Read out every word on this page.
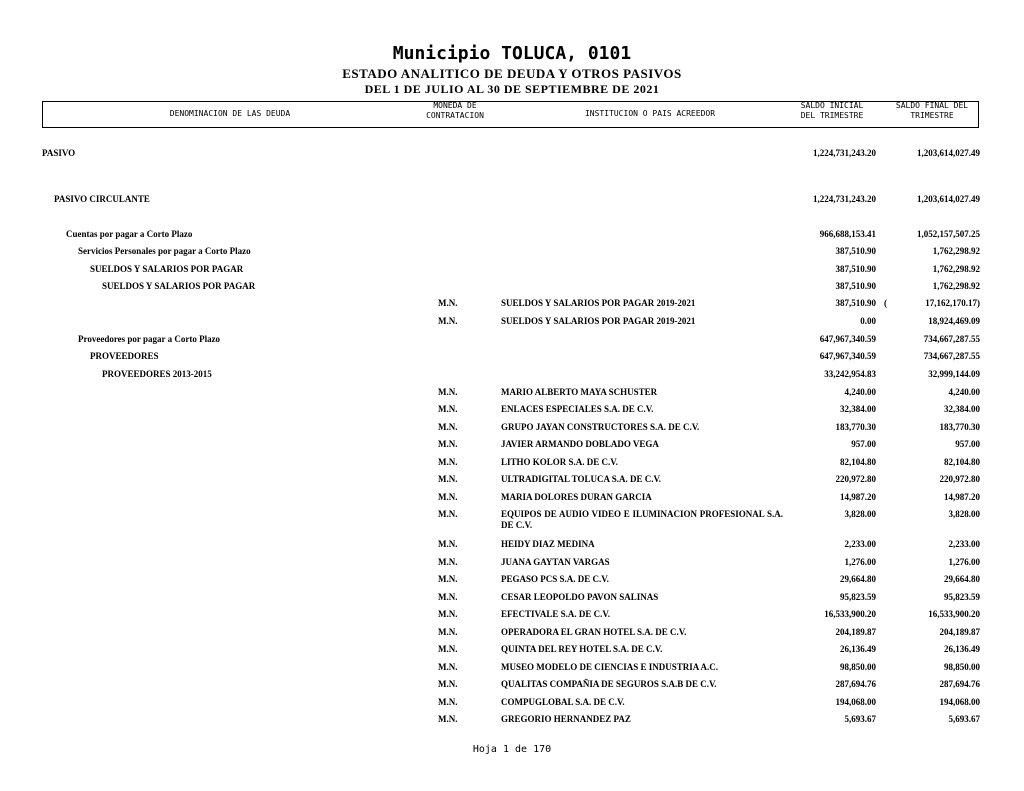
Municipio TOLUCA, 0101
ESTADO ANALITICO DE DEUDA Y OTROS PASIVOS
DEL 1 DE JULIO AL 30 DE SEPTIEMBRE DE 2021
DENOMINACION DE LAS DEUDA
MONEDA DE
CONTRATACION	INSTITUCION O PAIS ACREEDOR
SALDO INICIAL
DEL TRIMESTRE
SALDO FINAL DEL
TRIMESTRE
PASIVO	1,224,731,243.20	1,203,614,027.49
PASIVO CIRCULANTE	1,224,731,243.20	1,203,614,027.49
Cuentas por pagar a Corto Plazo	966,688,153.41	1,052,157,507.25
Servicios Personales por pagar a Corto Plazo	387,510.90	1,762,298.92
SUELDOS Y SALARIOS POR PAGAR	387,510.90	1,762,298.92
SUELDOS Y SALARIOS POR PAGAR	387,510.90	1,762,298.92
M.N.	SUELDOS Y SALARIOS POR PAGAR 2019-2021	387,510.90 (	17,162,170.17)
M.N.	SUELDOS Y SALARIOS POR PAGAR 2019-2021	0.00	18,924,469.09
Proveedores por pagar a Corto Plazo	647,967,340.59	734,667,287.55
PROVEEDORES	647,967,340.59	734,667,287.55
PROVEEDORES 2013-2015	33,242,954.83	32,999,144.09
M.N.	MARIO ALBERTO MAYA SCHUSTER	4,240.00	4,240.00
M.N.	ENLACES ESPECIALES S.A. DE C.V.	32,384.00	32,384.00
M.N.	GRUPO JAYAN CONSTRUCTORES S.A. DE C.V.	183,770.30	183,770.30
M.N.	JAVIER ARMANDO DOBLADO VEGA	957.00	957.00
M.N.	LITHO KOLOR S.A. DE C.V.	82,104.80	82,104.80
M.N.	ULTRADIGITAL TOLUCA S.A. DE C.V.	220,972.80	220,972.80
M.N.	MARIA DOLORES DURAN GARCIA	14,987.20	14,987.20
M.N.	EQUIPOS DE AUDIO VIDEO E ILUMINACION PROFESIONAL S.A. DE C.V.
3,828.00	3,828.00
M.N.	HEIDY DIAZ MEDINA	2,233.00	2,233.00
M.N.	JUANA GAYTAN VARGAS	1,276.00	1,276.00
M.N.	PEGASO PCS S.A. DE C.V.	29,664.80	29,664.80
M.N.	CESAR LEOPOLDO PAVON SALINAS	95,823.59	95,823.59
M.N.	EFECTIVALE S.A. DE C.V.	16,533,900.20	16,533,900.20
M.N.	OPERADORA EL GRAN HOTEL S.A. DE C.V.	204,189.87	204,189.87
M.N.	QUINTA DEL REY HOTEL S.A. DE C.V.	26,136.49	26,136.49
M.N.	MUSEO MODELO DE CIENCIAS E INDUSTRIA A.C.	98,850.00	98,850.00
M.N.	QUALITAS COMPAÑIA DE SEGUROS S.A.B DE C.V.	287,694.76	287,694.76
M.N.	COMPUGLOBAL S.A. DE C.V.	194,068.00	194,068.00
M.N.	GREGORIO HERNANDEZ PAZ	5,693.67	5,693.67
Hoja 1 de 170
